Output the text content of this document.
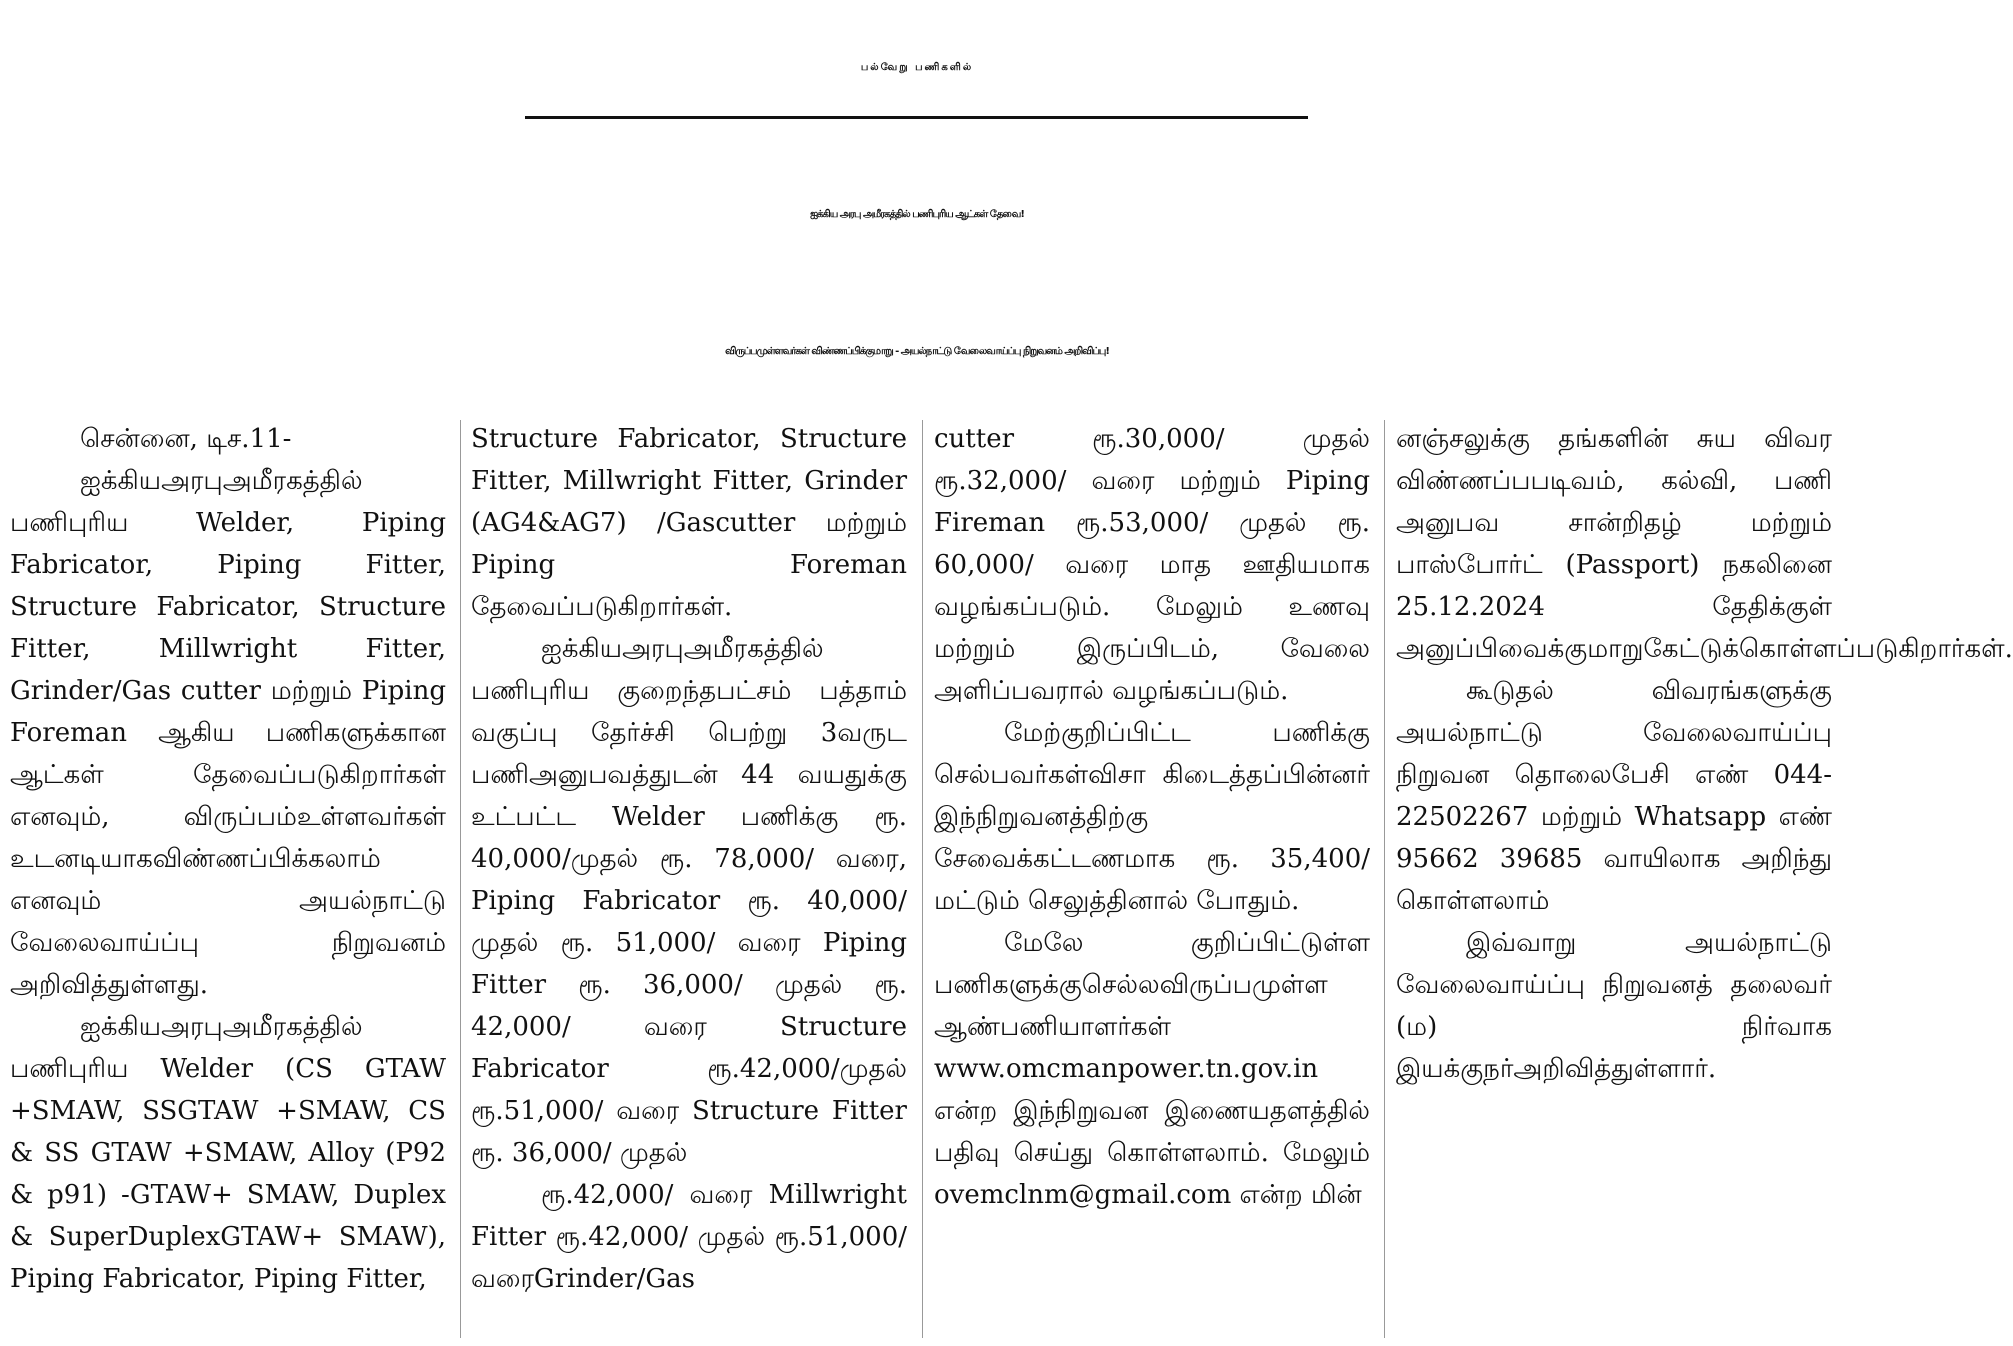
பல்வேறு பணிகளில்
ஐக்கிய அரபு அமீரகத்தில் பணிபுரிய ஆட்கள் தேவை!
விருப்பமுள்ளவர்கள் விண்ணப்பிக்குமாறு - அயல்நாட்டு வேலைவாய்ப்பு நிறுவனம் அறிவிப்பு!

சென்னை, டிச.11-

ஐக்கியஅரபுஅமீரகத்தில் பணிபுரிய Welder, Piping Fabricator, Piping Fitter, Structure Fabricator, Structure Fitter, Millwright Fitter, Grinder/Gas cutter மற்றும் Piping Foreman ஆகிய பணிகளுக்கான ஆட்கள் தேவைப்படுகிறார்கள் எனவும், விருப்பம்உள்ளவர்கள் உடனடியாகவிண்ணப்பிக்கலாம் எனவும் அயல்நாட்டு வேலைவாய்ப்பு நிறுவனம் அறிவித்துள்ளது.

ஐக்கியஅரபுஅமீரகத்தில் பணிபுரிய Welder (CS GTAW +SMAW, SSGTAW +SMAW, CS & SS GTAW +SMAW, Alloy (P92 & p91) -GTAW+ SMAW, Duplex & SuperDuplexGTAW+ SMAW), Piping Fabricator, Piping Fitter,

Structure Fabricator, Structure Fitter, Millwright Fitter, Grinder (AG4&AG7) /Gascutter மற்றும் Piping Foreman தேவைப்படுகிறார்கள்.

ஐக்கியஅரபுஅமீரகத்தில் பணிபுரிய குறைந்தபட்சம் பத்தாம் வகுப்பு தேர்ச்சி பெற்று 3வருட பணிஅனுபவத்துடன் 44 வயதுக்கு உட்பட்ட Welder பணிக்கு ரூ. 40,000/முதல் ரூ. 78,000/ வரை, Piping Fabricator ரூ. 40,000/ முதல் ரூ. 51,000/ வரை Piping Fitter ரூ. 36,000/ முதல் ரூ. 42,000/ வரை Structure Fabricator ரூ.42,000/முதல் ரூ.51,000/ வரை Structure Fitter ரூ. 36,000/ முதல்

ரூ.42,000/ வரை Millwright Fitter ரூ.42,000/ முதல் ரூ.51,000/வரைGrinder/Gas

cutter ரூ.30,000/ முதல் ரூ.32,000/ வரை மற்றும் Piping Fireman ரூ.53,000/ முதல் ரூ. 60,000/ வரை மாத ஊதியமாக வழங்கப்படும். மேலும் உணவு மற்றும் இருப்பிடம், வேலை அளிப்பவரால் வழங்கப்படும்.

மேற்குறிப்பிட்ட பணிக்கு செல்பவர்கள்விசா கிடைத்தப்பின்னர் இந்நிறுவனத்திற்கு சேவைக்கட்டணமாக ரூ. 35,400/ மட்டும் செலுத்தினால் போதும்.

மேலே குறிப்பிட்டுள்ள பணிகளுக்குசெல்லவிருப்பமுள்ள ஆண்பணியாளர்கள் www.omcmanpower.tn.gov.in என்ற இந்நிறுவன இணையதளத்தில் பதிவு செய்து கொள்ளலாம். மேலும் ovemclnm@gmail.com என்ற மின்

னஞ்சலுக்கு தங்களின் சுய விவர விண்ணப்பபடிவம், கல்வி, பணி அனுபவ சான்றிதழ் மற்றும் பாஸ்போர்ட் (Passport) நகலினை 25.12.2024 தேதிக்குள் அனுப்பிவைக்குமாறுகேட்டுக்கொள்ளப்படுகிறார்கள்.

கூடுதல் விவரங்களுக்கு அயல்நாட்டு வேலைவாய்ப்பு நிறுவன தொலைபேசி எண் 044-22502267 மற்றும் Whatsapp எண் 95662 39685 வாயிலாக அறிந்து கொள்ளலாம்

இவ்வாறு அயல்நாட்டு வேலைவாய்ப்பு நிறுவனத் தலைவர் (ம) நிர்வாக இயக்குநர்அறிவித்துள்ளார்.
